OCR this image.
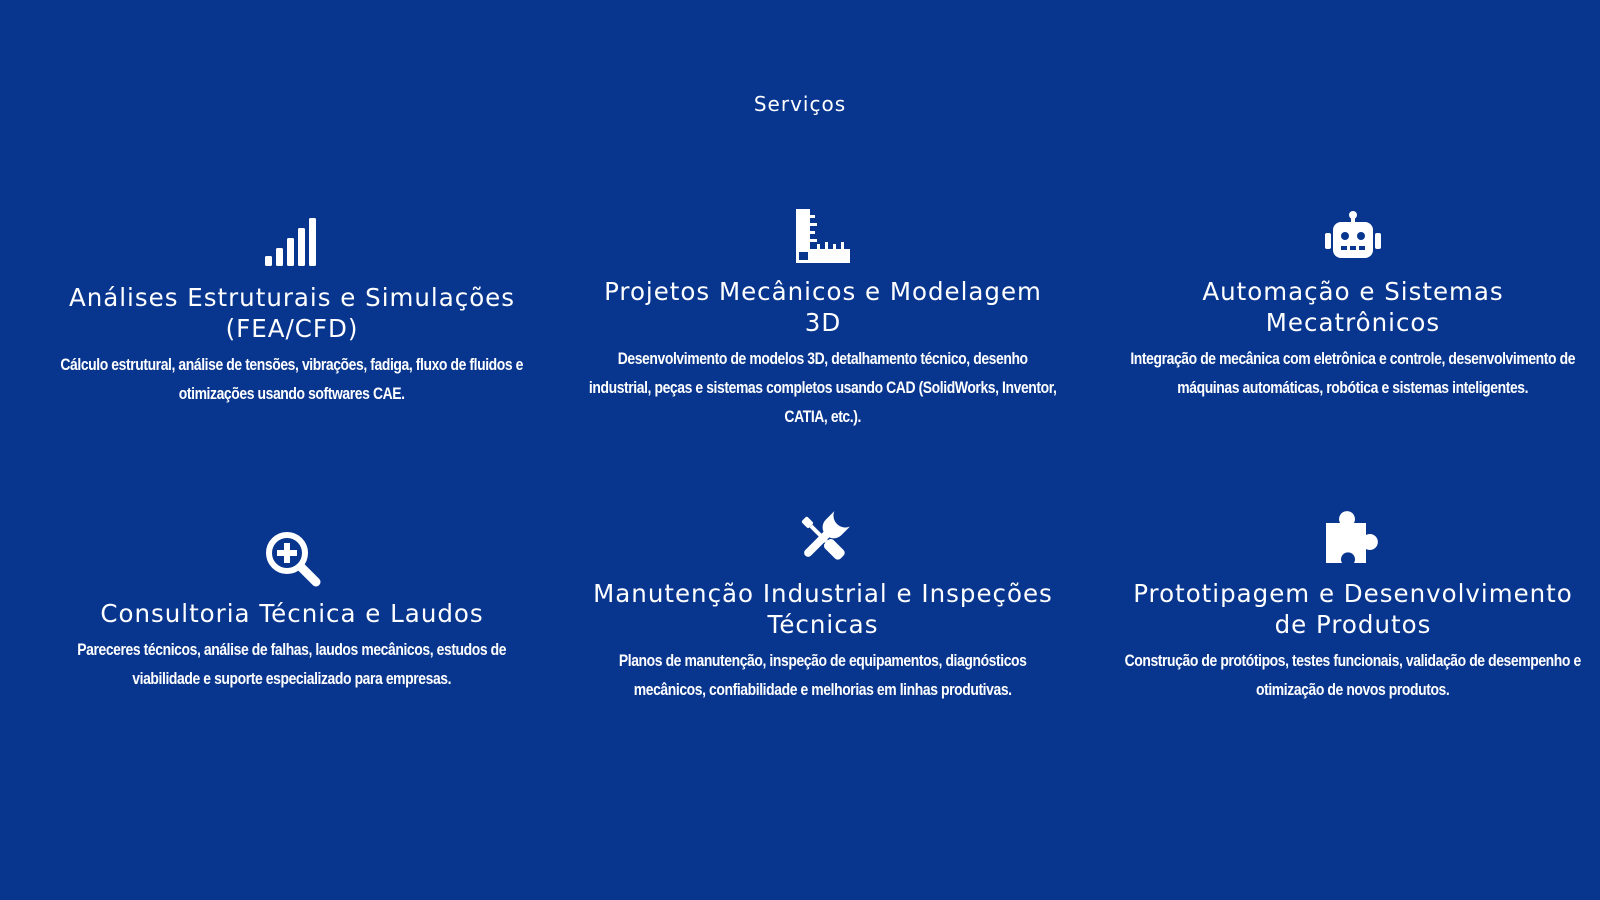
Serviços
Análises Estruturais e Simulações (FEA/CFD)

Cálculo estrutural, análise de tensões, vibrações, fadiga, fluxo de fluidos e otimizações usando softwares CAE.

Projetos Mecânicos e Modelagem 3D

Desenvolvimento de modelos 3D, detalhamento técnico, desenho industrial, peças e sistemas completos usando CAD (SolidWorks, Inventor, CATIA, etc.).

Automação e Sistemas Mecatrônicos

Integração de mecânica com eletrônica e controle, desenvolvimento de máquinas automáticas, robótica e sistemas inteligentes.

Consultoria Técnica e Laudos

Pareceres técnicos, análise de falhas, laudos mecânicos, estudos de viabilidade e suporte especializado para empresas.

Manutenção Industrial e Inspeções Técnicas

Planos de manutenção, inspeção de equipamentos, diagnósticos mecânicos, confiabilidade e melhorias em linhas produtivas.

Prototipagem e Desenvolvimento de Produtos

Construção de protótipos, testes funcionais, validação de desempenho e otimização de novos produtos.
